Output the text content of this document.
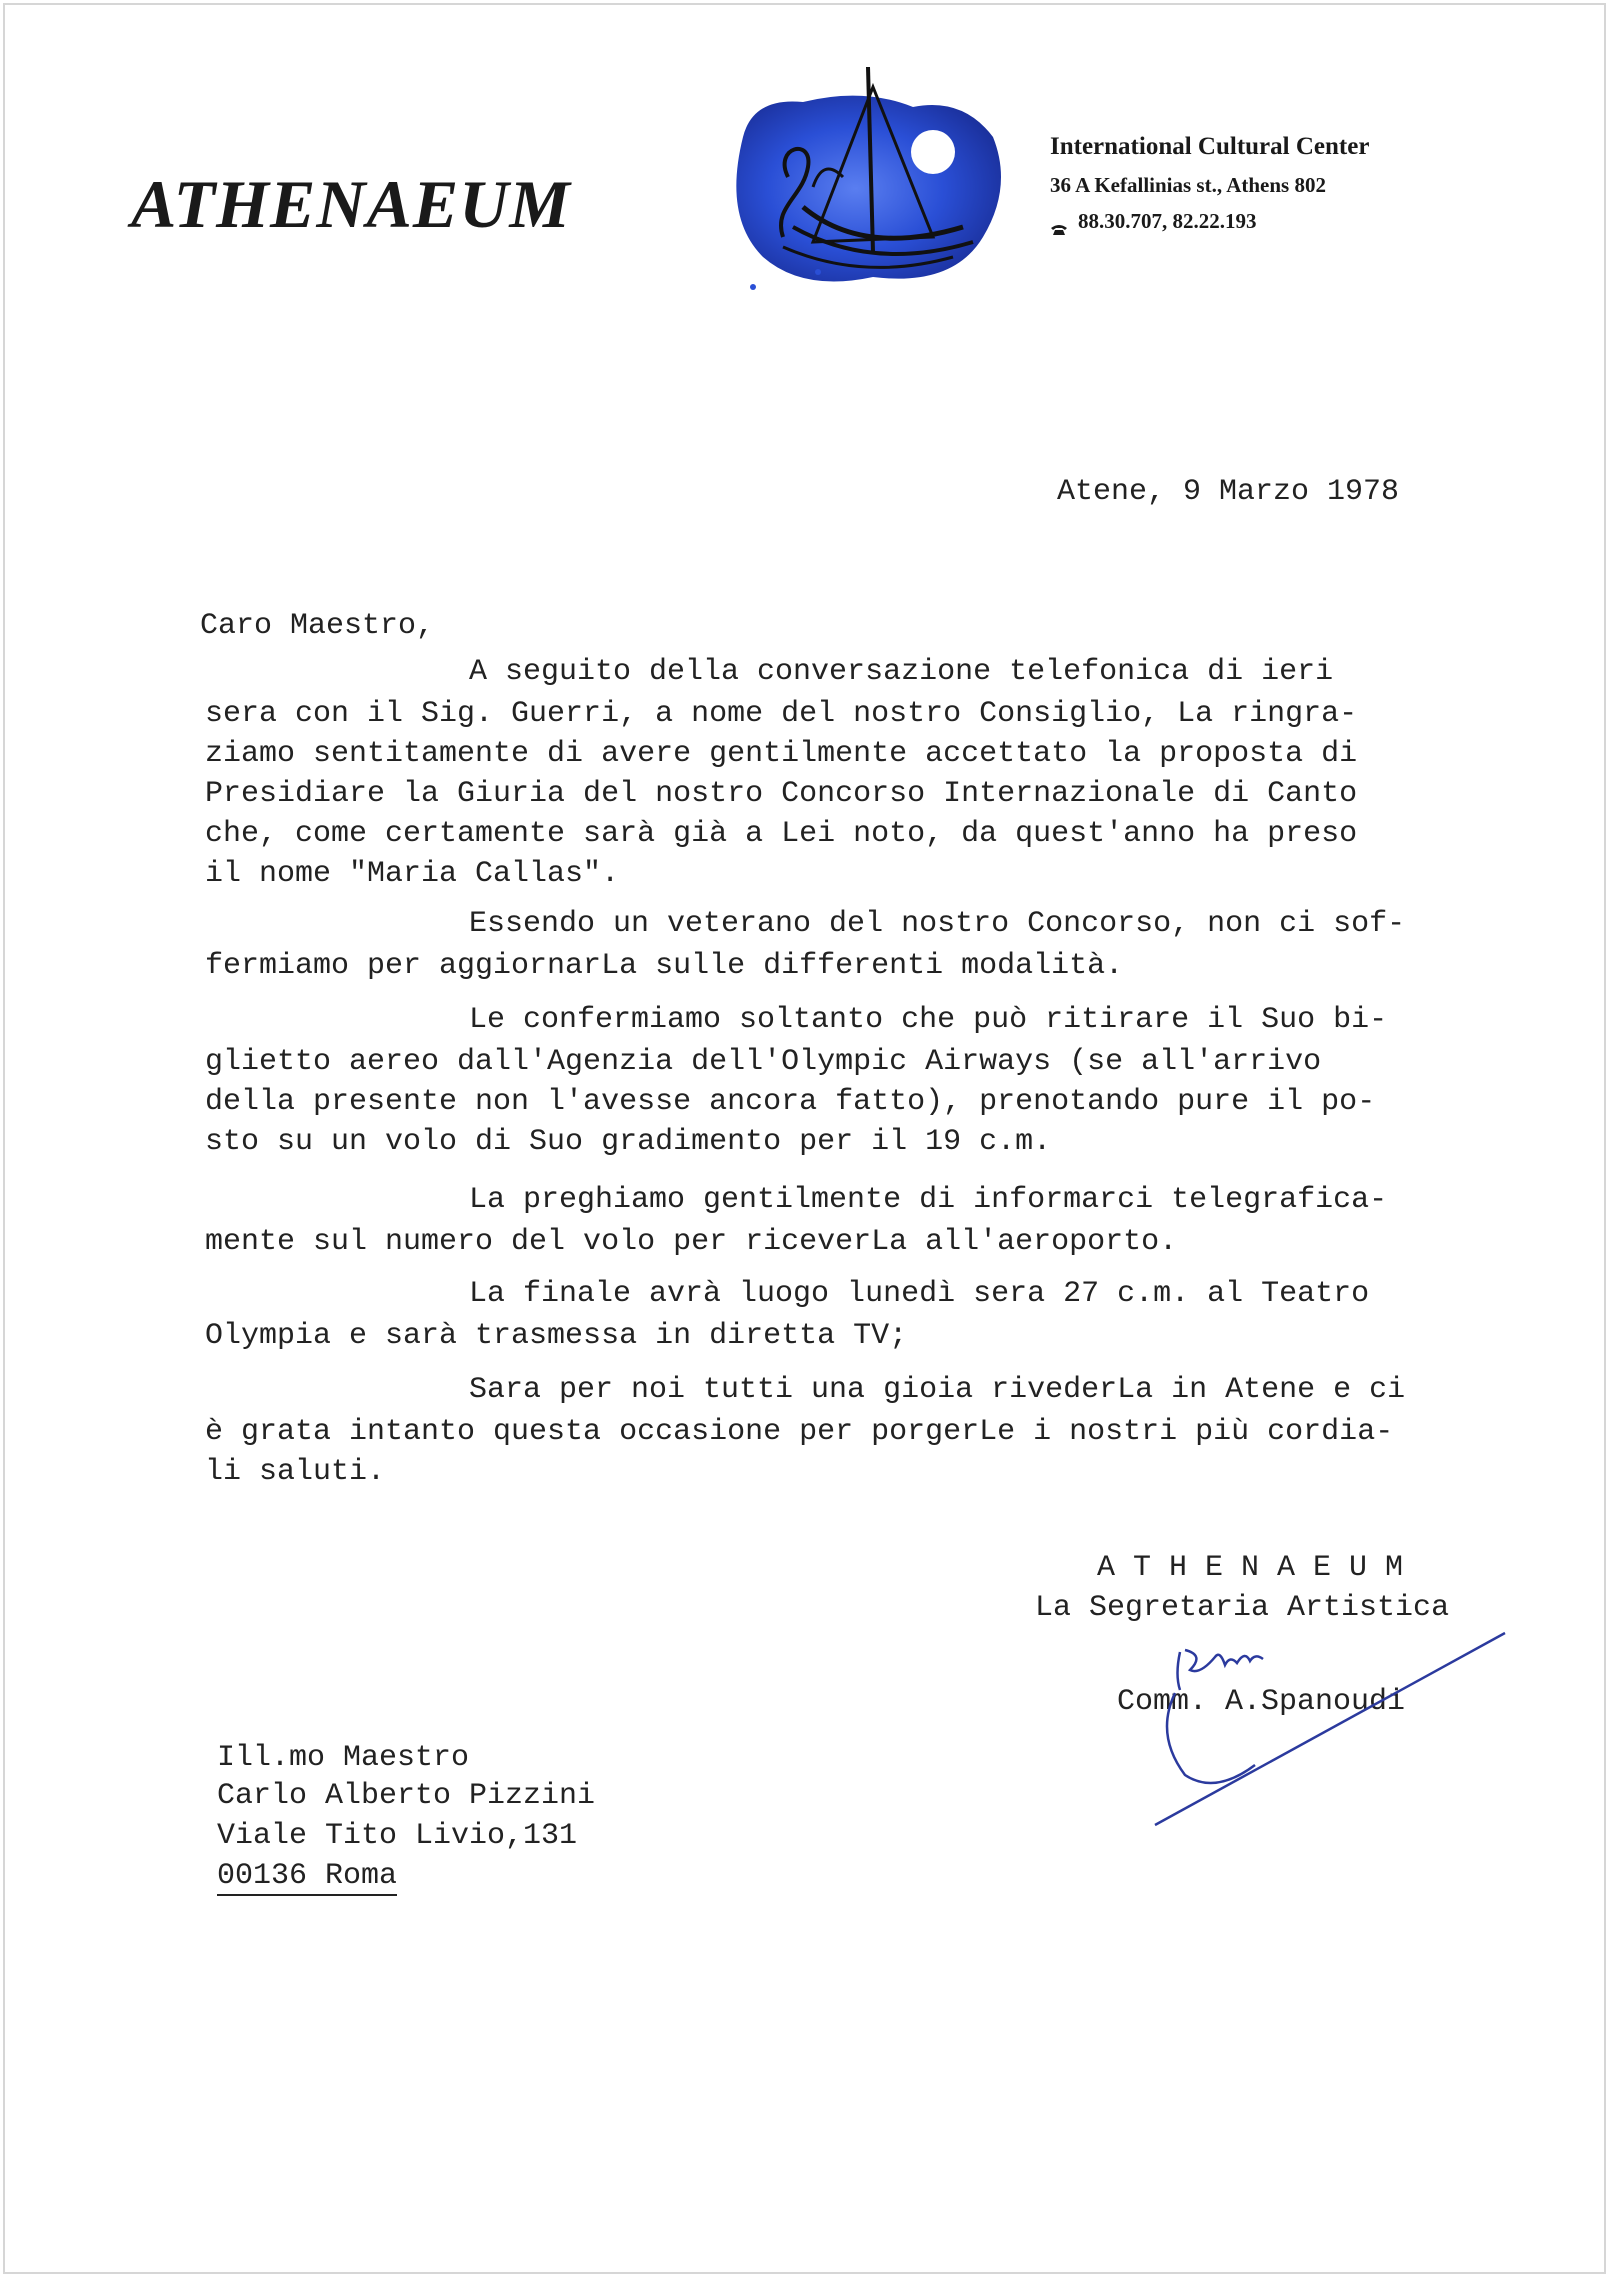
ATHENAEUM
International Cultural Center
36 A Kefallinias st., Athens 802
88.30.707, 82.22.193
Atene, 9 Marzo 1978
Caro Maestro,
A seguito della conversazione telefonica di ieri
sera con il Sig. Guerri, a nome del nostro Consiglio, La ringra-
ziamo sentitamente di avere gentilmente accettato la proposta di
Presidiare la Giuria del nostro Concorso Internazionale di Canto
che, come certamente sarà già a Lei noto, da quest'anno ha preso
il nome "Maria Callas".
Essendo un veterano del nostro Concorso, non ci sof-
fermiamo per aggiornarLa sulle differenti modalità.
Le confermiamo soltanto che può ritirare il Suo bi-
glietto aereo dall'Agenzia dell'Olympic Airways (se all'arrivo
della presente non l'avesse ancora fatto), prenotando pure il po-
sto su un volo di Suo gradimento per il 19 c.m.
La preghiamo gentilmente di informarci telegrafica-
mente sul numero del volo per riceverLa all'aeroporto.
La finale avrà luogo lunedì sera 27 c.m. al Teatro
Olympia e sarà trasmessa in diretta TV;
Sara per noi tutti una gioia rivederLa in Atene e ci
è grata intanto questa occasione per porgerLe i nostri più cordia-
li saluti.
A T H E N A E U M
La Segretaria Artistica
Comm. A.Spanoudi
Ill.mo Maestro
Carlo Alberto Pizzini
Viale Tito Livio,131
00136 Roma
